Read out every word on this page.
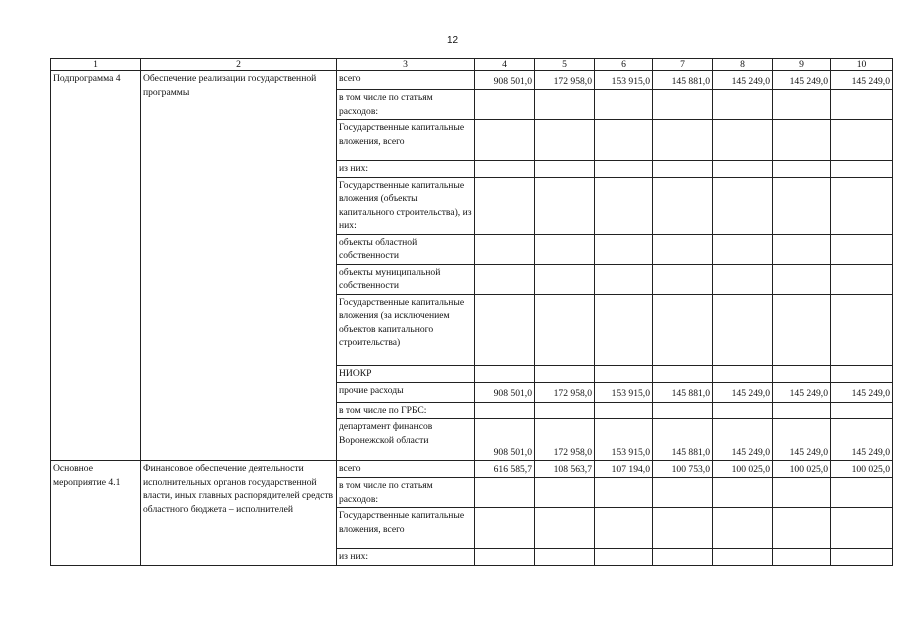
12
1	2	3	4	5	6	7	8	9	10
Подпрограмма 4	Обеспечение реализации государственной программы	всего	908 501,0	172 958,0	153 915,0	145 881,0	145 249,0	145 249,0	145 249,0
		в том числе по статьям расходов:							
		Государственные капитальные вложения, всего							
		из них:							
		Государственные капитальные вложения (объекты капитального строительства), из них:							
		объекты областной собственности							
		объекты муниципальной собственности							
		Государственные капитальные вложения (за исключением объектов капитального строительства)							
		НИОКР							
		прочие расходы	908 501,0	172 958,0	153 915,0	145 881,0	145 249,0	145 249,0	145 249,0
		в том числе по ГРБС:							
		департамент финансов Воронежской области	908 501,0	172 958,0	153 915,0	145 881,0	145 249,0	145 249,0	145 249,0
Основное мероприятие 4.1	Финансовое обеспечение деятельности исполнительных органов государственной власти, иных главных распорядителей средств областного бюджета – исполнителей	всего	616 585,7	108 563,7	107 194,0	100 753,0	100 025,0	100 025,0	100 025,0
		в том числе по статьям расходов:							
		Государственные капитальные вложения, всего							
		из них:							
